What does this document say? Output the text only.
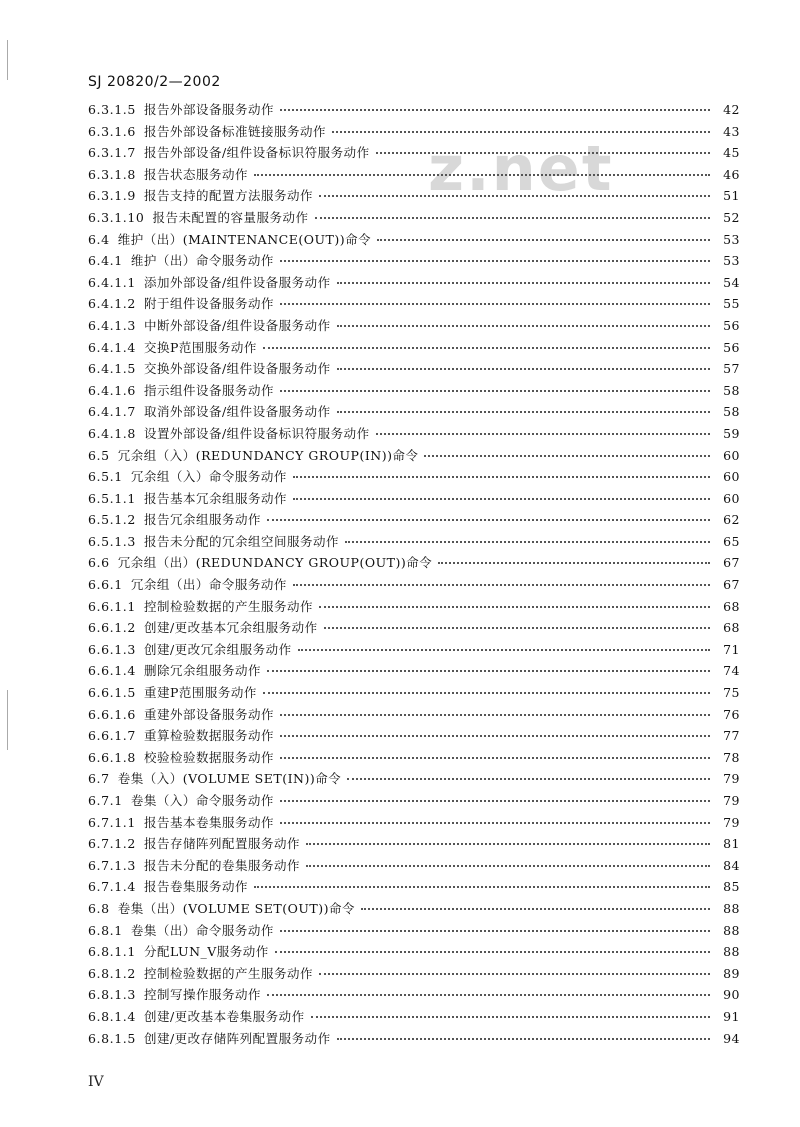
SJ 20820/2—2002
z.net
6.3.1.5 报告外部设备服务动作	42
6.3.1.6 报告外部设备标准链接服务动作	43
6.3.1.7 报告外部设备/组件设备标识符服务动作	45
6.3.1.8 报告状态服务动作	46
6.3.1.9 报告支持的配置方法服务动作	51
6.3.1.10 报告未配置的容量服务动作	52
6.4 维护（出）(MAINTENANCE(OUT))命令	53
6.4.1 维护（出）命令服务动作	53
6.4.1.1 添加外部设备/组件设备服务动作	54
6.4.1.2 附于组件设备服务动作	55
6.4.1.3 中断外部设备/组件设备服务动作	56
6.4.1.4 交换P范围服务动作	56
6.4.1.5 交换外部设备/组件设备服务动作	57
6.4.1.6 指示组件设备服务动作	58
6.4.1.7 取消外部设备/组件设备服务动作	58
6.4.1.8 设置外部设备/组件设备标识符服务动作	59
6.5 冗余组（入）(REDUNDANCY GROUP(IN))命令	60
6.5.1 冗余组（入）命令服务动作	60
6.5.1.1 报告基本冗余组服务动作	60
6.5.1.2 报告冗余组服务动作	62
6.5.1.3 报告未分配的冗余组空间服务动作	65
6.6 冗余组（出）(REDUNDANCY GROUP(OUT))命令	67
6.6.1 冗余组（出）命令服务动作	67
6.6.1.1 控制检验数据的产生服务动作	68
6.6.1.2 创建/更改基本冗余组服务动作	68
6.6.1.3 创建/更改冗余组服务动作	71
6.6.1.4 删除冗余组服务动作	74
6.6.1.5 重建P范围服务动作	75
6.6.1.6 重建外部设备服务动作	76
6.6.1.7 重算检验数据服务动作	77
6.6.1.8 校验检验数据服务动作	78
6.7 卷集（入）(VOLUME SET(IN))命令	79
6.7.1 卷集（入）命令服务动作	79
6.7.1.1 报告基本卷集服务动作	79
6.7.1.2 报告存储阵列配置服务动作	81
6.7.1.3 报告未分配的卷集服务动作	84
6.7.1.4 报告卷集服务动作	85
6.8 卷集（出）(VOLUME SET(OUT))命令	88
6.8.1 卷集（出）命令服务动作	88
6.8.1.1 分配LUN_V服务动作	88
6.8.1.2 控制检验数据的产生服务动作	89
6.8.1.3 控制写操作服务动作	90
6.8.1.4 创建/更改基本卷集服务动作	91
6.8.1.5 创建/更改存储阵列配置服务动作	94
IV
